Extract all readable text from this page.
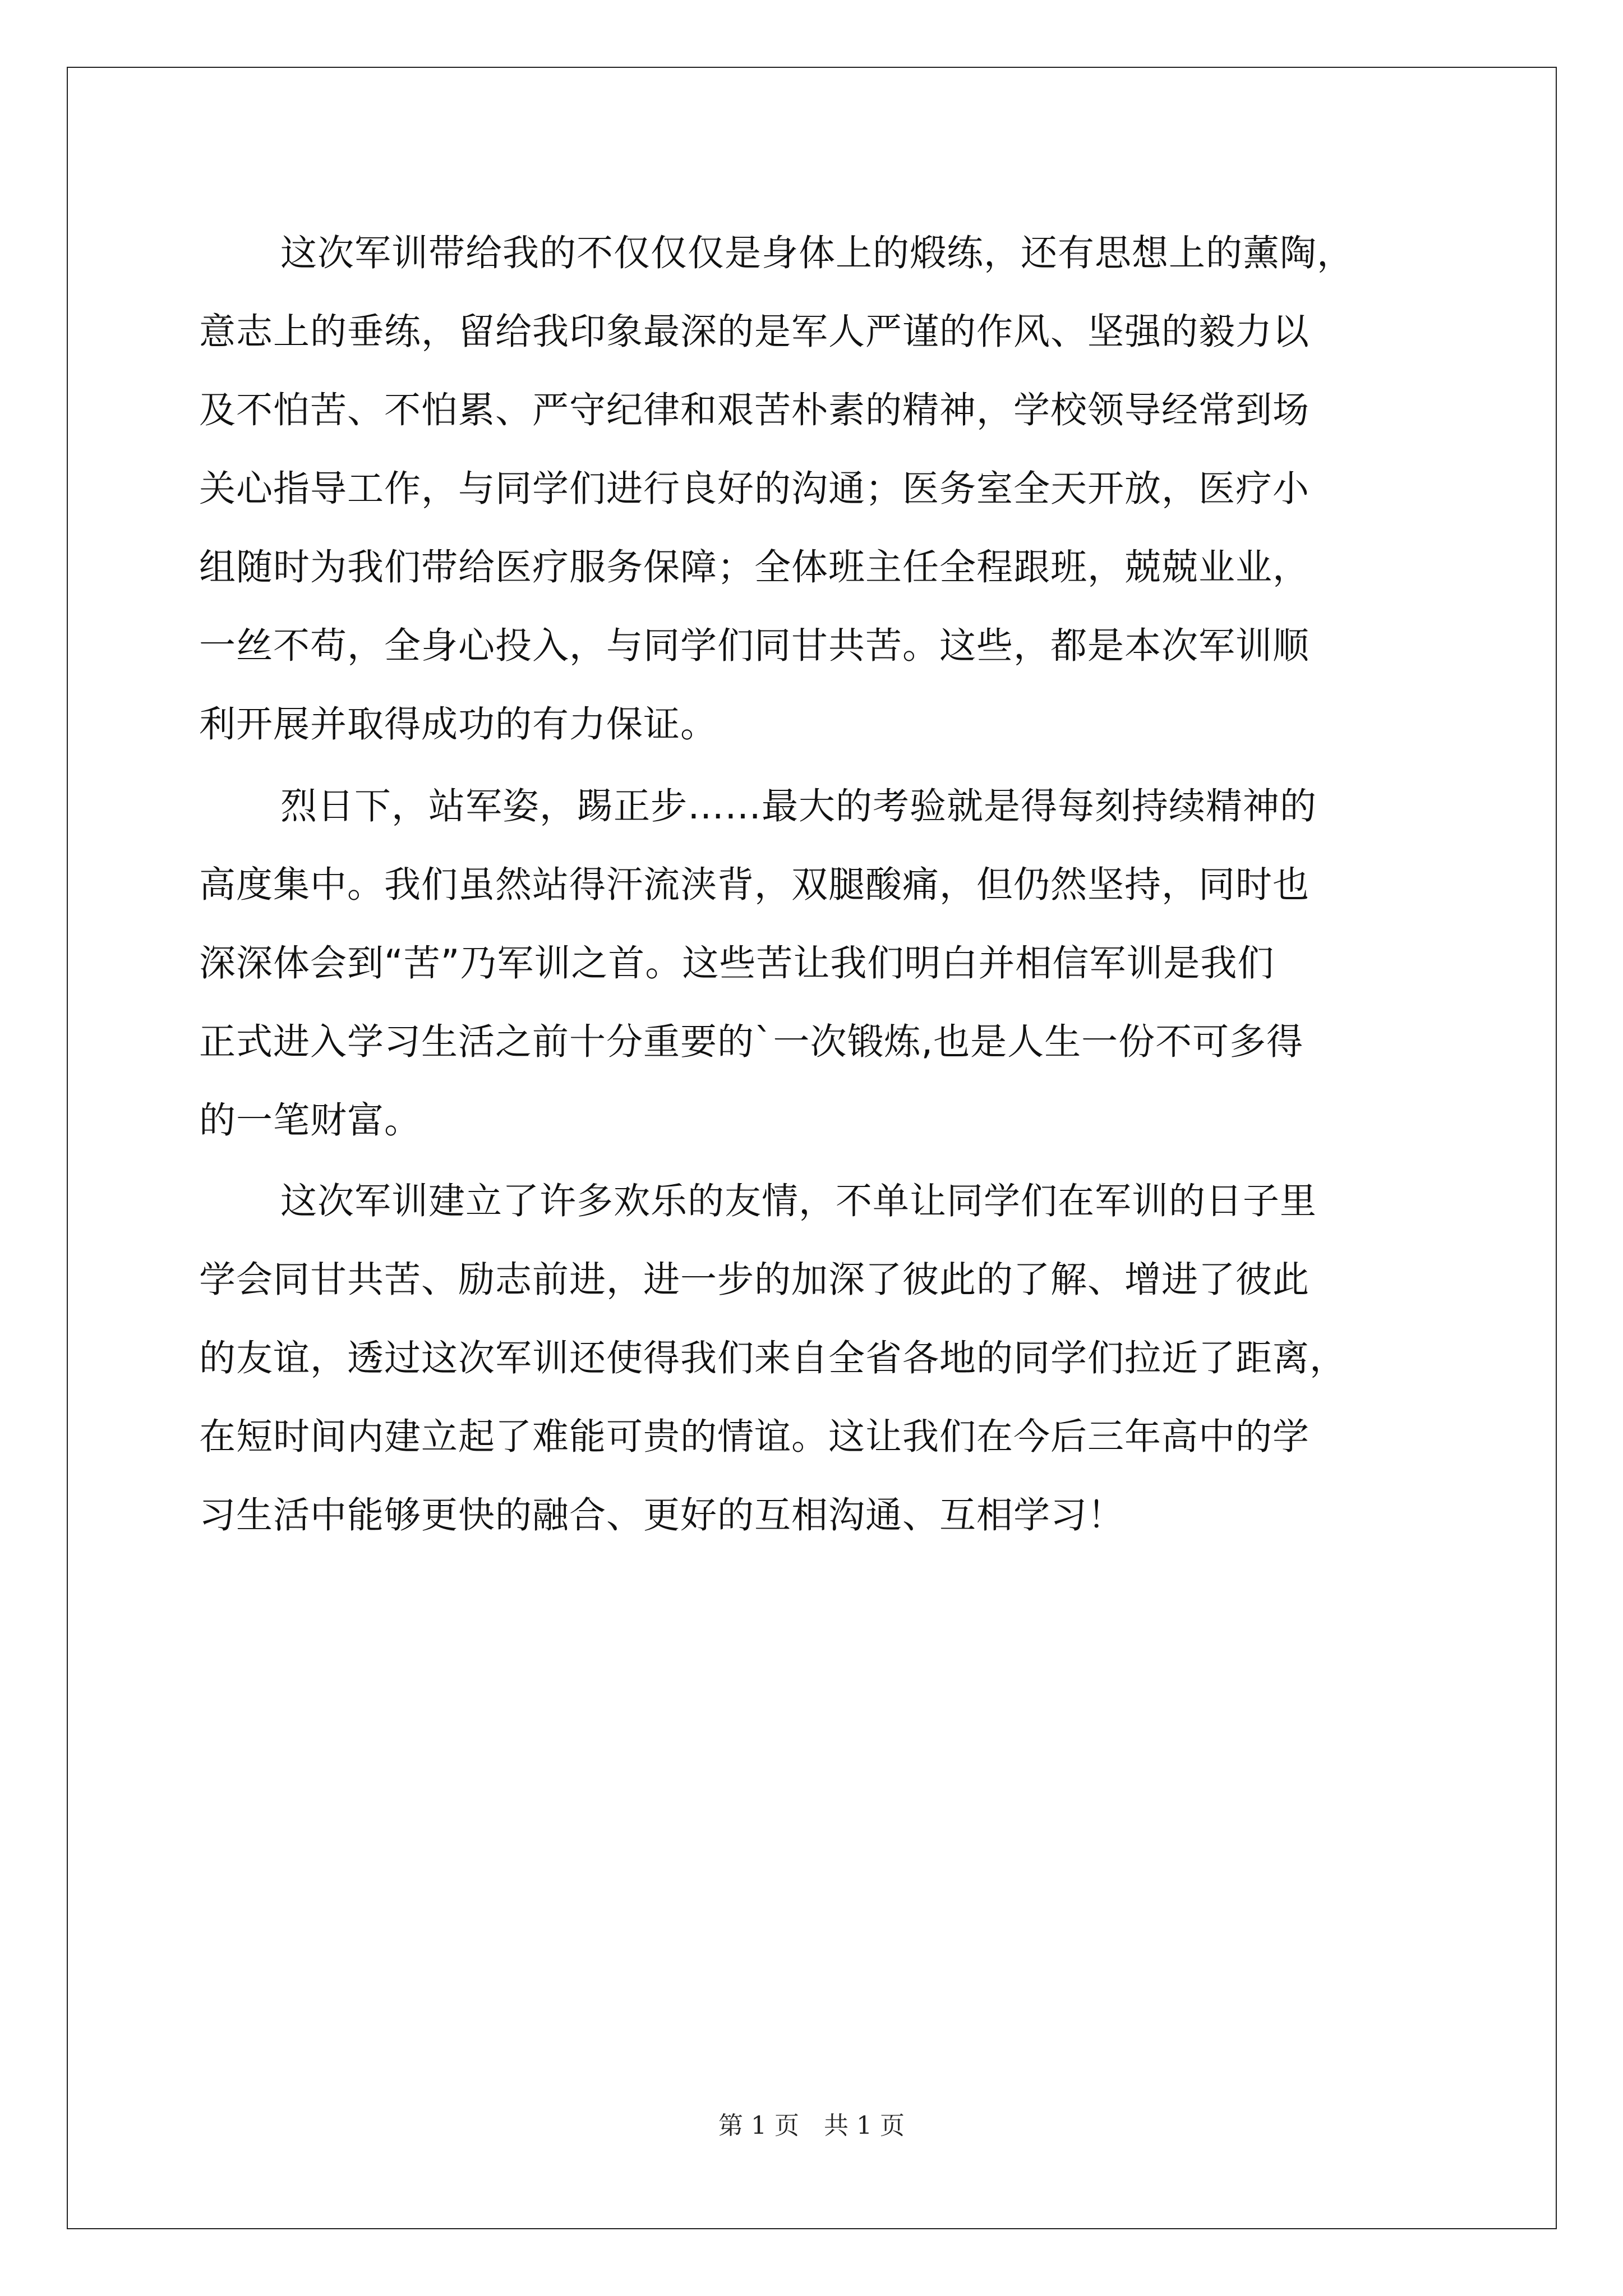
这次军训带给我的不仅仅仅是身体上的煅练，还有思想上的薰陶，
意志上的垂练，留给我印象最深的是军人严谨的作风、坚强的毅力以
及不怕苦、不怕累、严守纪律和艰苦朴素的精神，学校领导经常到场
关心指导工作，与同学们进行良好的沟通；医务室全天开放，医疗小
组随时为我们带给医疗服务保障；全体班主任全程跟班，兢兢业业，
一丝不苟，全身心投入，与同学们同甘共苦。这些，都是本次军训顺
利开展并取得成功的有力保证。
烈日下，站军姿，踢正步……最大的考验就是得每刻持续精神的
高度集中。我们虽然站得汗流浃背，双腿酸痛，但仍然坚持，同时也
深深体会到“苦”乃军训之首。这些苦让我们明白并相信军训是我们
正式进入学习生活之前十分重要的`一次锻炼,也是人生一份不可多得
的一笔财富。
这次军训建立了许多欢乐的友情，不单让同学们在军训的日子里
学会同甘共苦、励志前进，进一步的加深了彼此的了解、增进了彼此
的友谊，透过这次军训还使得我们来自全省各地的同学们拉近了距离，
在短时间内建立起了难能可贵的情谊。这让我们在今后三年高中的学
习生活中能够更快的融合、更好的互相沟通、互相学习！
第 1 页　共 1 页
